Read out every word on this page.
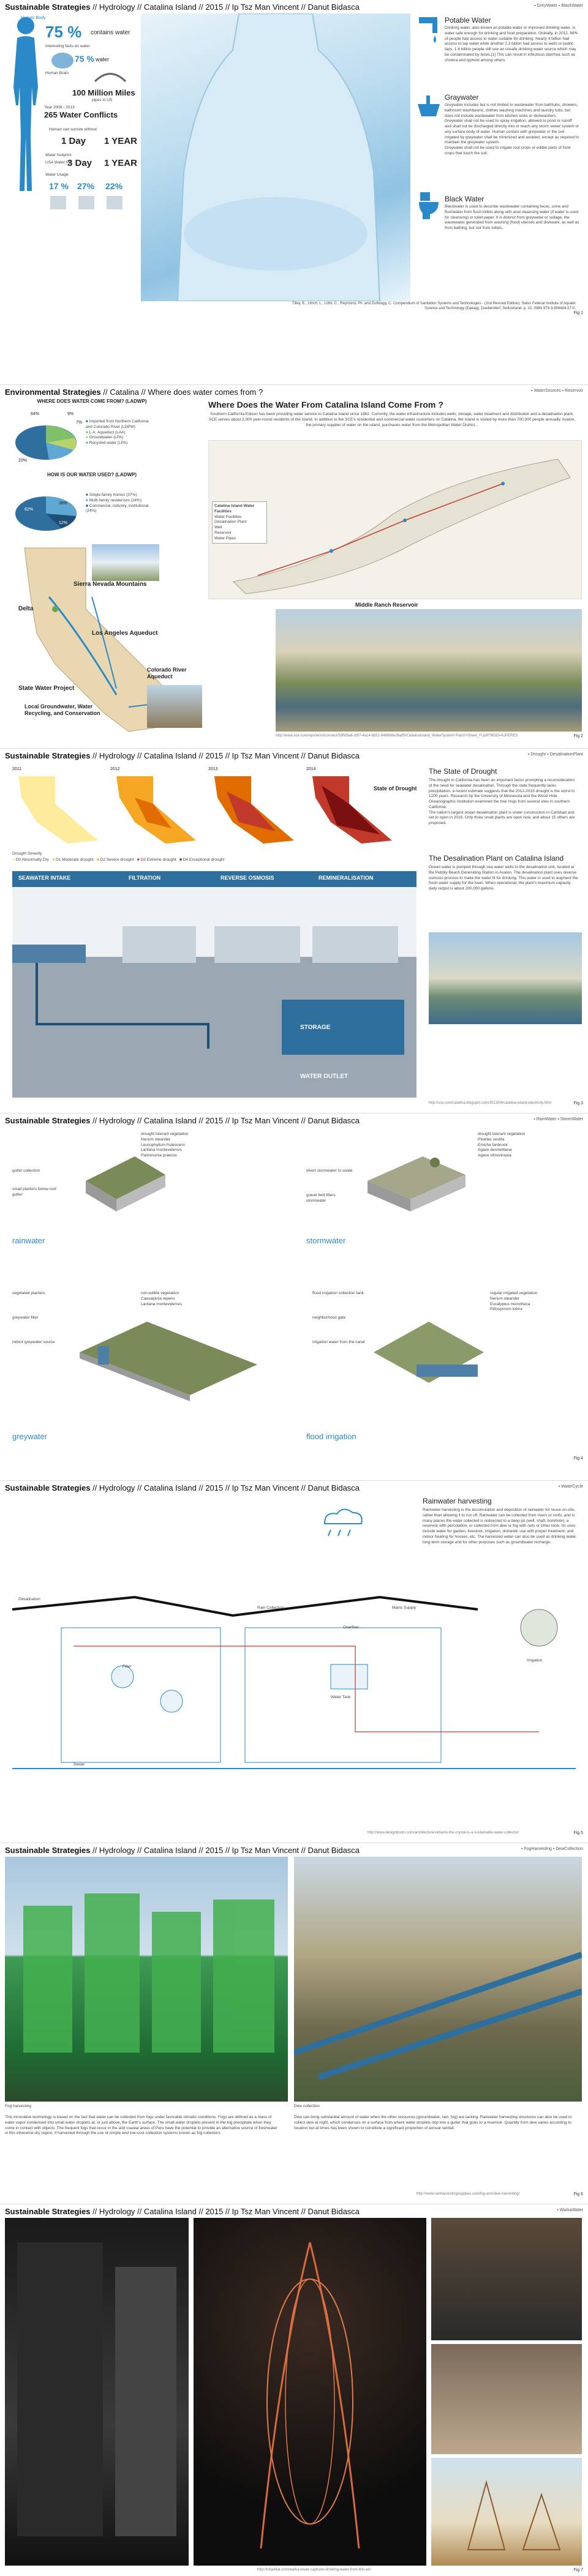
Sustainable Strategies // Hydrology // Catalina Island // 2015 // Ip Tsz Man Vincent // Danut Bidasca	▪ GreyWater ▪ BlackWater
Human Body
75 % contains water
Interesting facts on water
Human Brain
75 % water
100 Million Miles
pipes in US
Year 2008 - 2013
265 Water Conflicts
Human can survive without
1 Day 1 YEAR
Water footprint
USA Water for
3 Day 1 YEAR
Water Usage
17 % 27% 22%
Potable Water
Drinking water, also known as potable water or improved drinking water, is water safe enough for drinking and food preparation. Globally, in 2012, 89% of people had access to water suitable for drinking. Nearly 4 billion had access to tap water while another 2.3 billion had access to wells or public taps. 1.8 billion people still use an unsafe drinking water source which may be contaminated by feces.[1] This can result in infectious diarrhea such as cholera and typhoid among others.
Graywater
Greywater includes but is not limited to wastewater from bathtubs, showers, bathroom washbasins, clothes washing machines and laundry tubs, but does not include wastewater from kitchen sinks or dishwashers.
Greywater shall not be used to spray irrigation, allowed to pond or runoff and shall not be discharged directly into or reach any storm sewer system or any surface body of water. Human contact with greywater or the soil irrigated by greywater shall be minimized and avoided, except as required to maintain the greywater system.
Greywater shall not be used to irrigate root crops or edible parts of food crops that touch the soil.
Black Water
Blackwater is used to describe wastewater containing feces, urine and flushwater from flush toilets along with anal cleansing water (if water is used for cleansing) or toilet paper. It is distinct from greywater or sullage, the wastewater generated from washing (food) utensils and dishware, as well as from bathing, but not from toilets.
Tilley, E., Ulrich, L., Lüthi, C., Reymond, Ph. and Zurbrügg, C. Compendium of Sanitation Systems and Technologies - (2nd Revised Edition). Swiss Federal Institute of Aquatic Science and Technology (Eawag). Duebendorf, Switzerland. p. 10. ISBN 978-3-906484-57-0.
Fig 1
Environmental Strategies // Catalina // Where does water comes from ?	▪ WaterSources ▪ Reservoir
WHERE DOES WATER COME FROM? (LADWP)
64%	9%
7%
20%
■ Imported from Northern California and Colorado River (LDPW)
■ L.A. Aqueduct (LAA)
■ Groundwater (LPA)
■ Recycled water (LPA)
HOW IS OUR WATER USED? (LADWP)
62%
38%
12%
■ Single-family homes (37%)
■ Multi-family residences (24%)
■ Commercial, industry, institutional (24%)
Sierra Nevada Mountains
Delta
Los Angeles Aqueduct
Colorado River Aqueduct
State Water Project
Local Groundwater, Water Recycling, and Conservation
Where Does the Water From Catalina Island Come From ?
Southern California Edison has been providing water service to Catalina Island since 1962. Currently, the water infrastructure includes wells, storage, water treatment and distribution and a desalination plant. SCE serves about 2,000 year-round residents of the island. In addition to the SCE's residential and commercial water customers on Catalina, the island is visited by more than 700,000 people annually. Avalon, the primary supplier of water on the island, purchases water from the Metropolitan Water District...
Catalina Island Water Facilities
Water Facilities
Desalination Plant
Well
Reservoir
Water Pipes
Middle Ranch Reservoir
http://www.sce.com/wps/wcm/connect/59ffd8a8-d3f7-4a14-bb52-84889de26a85/CatalinaIsland_WaterSystem+Patch+Sheet_Fi.pdf?MOD=AJPERES	Fig 2
Sustainable Strategies // Hydrology // Catalina Island // 2015 // Ip Tsz Man Vincent // Danut Bidasca	▪ Drought ▪ DesalinationPlant
2011	2012	2013	2014
State of Drought
Drought Severity
■ D0 Abnormally Dry ■ D1 Moderate drought ■ D2 Severe drought ■ D3 Extreme drought ■ D4 Exceptional drought
The State of Drought
The drought in California has been an important factor prompting a reconsideration of the need for seawater desalination. Through the state frequently lacks precipitation, a recent estimate suggests that the 2012-2015 drought is the worst in 1200 years. Research by the University of Minnesota and the Wood Hole Oceanographic Institution examined the tree rings from several sites in southern California.
The nation's largest ocean desalination plant is under construction in Carlsbad and set to open in 2016. Only three small plants are open now, and about 15 others are proposed.
The Desalination Plant on Catalina Island
Ocean water is pumped through sea water wells to the desalination unit, located at the Pebbly Beach Generating Station in Avalon. The desalination plant uses reverse osmosis process to make the water fit for drinking. This water is used to augment the fresh water supply for the town. When operational, the plant's maximum capacity daily output is about 200,000 gallons.
SEAWATER INTAKE	FILTRATION	REVERSE OSMOSIS	REMINERALISATION
STORAGE
WATER OUTLET
http://sce.com/catalina.blogspot.com/2013/04/catalina-island-electricity.html	Fig 3
Sustainable Strategies // Hydrology // Catalina Island // 2015 // Ip Tsz Man Vincent // Danut Bidasca	▪ RainWater ▪ StormWater
drought tolerant vegetation
Nerium oleander
Leucophyllum frutescens
Lantana montevidensis
Parkinsonia praecox
gutter collection
small planters below roof gutter
rainwater
drought tolerant vegetation
Pinellas vestita
Emicha fanbrook
Agave desmettiana
Agave vilmoriniana
divert stormwater to swale
gravel bed filters stormwater
stormwater
vegetated planters
greywater filter
indoor greywater source
non-edible vegetation
Caesalpinia repens
Lantana montevidensis
greywater
flood irrigation collection tank
neighborhood gate
irrigation water from the canal
regular irrigated vegetation
Nerium oleander
Eucalyptus microtheca
Pittosporum tobira
flood irrigation
Fig 4
Sustainable Strategies // Hydrology // Catalina Island // 2015 // Ip Tsz Man Vincent // Danut Bidasca	▪ WaterCycle
Rainwater harvesting
Rainwater harvesting is the accumulation and deposition of rainwater for reuse on-site, rather than allowing it to run off. Rainwater can be collected from rivers or roofs, and in many places the water collected is redirected to a deep pit (well, shaft, borehole), a reservoir with percolation, or collected from dew or fog with nets or other tools. Its uses include water for garden, livestock, irrigation, domestic use with proper treatment, and indoor heating for houses, etc. The harvested water can also be used as drinking water, long-term storage and for other purposes such as groundwater recharge.
Desalination
Rain Collection
Overflow
Mains Supply
Irrigation
Water Tank
Filter
Sewer
http://www.designboom.com/architecture/verlamo-the-crystal-is-a-sustainable-water-collector/	Fig 5
Sustainable Strategies // Hydrology // Catalina Island // 2015 // Ip Tsz Man Vincent // Danut Bidasca	▪ FogHarvesting ▪ DewCollection
Fog harvesting	Dew collection
This innovative technology is based on the fact that water can be collected from fogs under favorable climatic conditions. Fogs are defined as a mass of water vapor condensed into small water droplets at, or just above, the Earth's surface. The small water droplets present in the fog precipitate when they come in contact with objects. The frequent fogs that occur in the arid coastal areas of Peru have the potential to provide an alternative source of freshwater in this otherwise dry region, if harvested through the use of simple and low-cost collection systems known as fog collectors.
Dew can bring substantial amount of water when the other resources (groundwater, rain, fog) are lacking. Rainwater harvesting structures can also be used to collect dew at night, which condenses on a surface from where water droplets drip into a gutter that goes to a reservoir. Quantity from dew varies according to location but at times has been shown to constitute a significant proportion of annual rainfall.
http://www.rainharvestingsupplies.com/fog-and-dew-harvesting/	Fig 6
Sustainable Strategies // Hydrology // Catalina Island // 2015 // Ip Tsz Man Vincent // Danut Bidasca	▪ WarkaWater
http://inhabitat.com/warka-tower-captures-drinking-water-from-thin-air/	Fig 7
